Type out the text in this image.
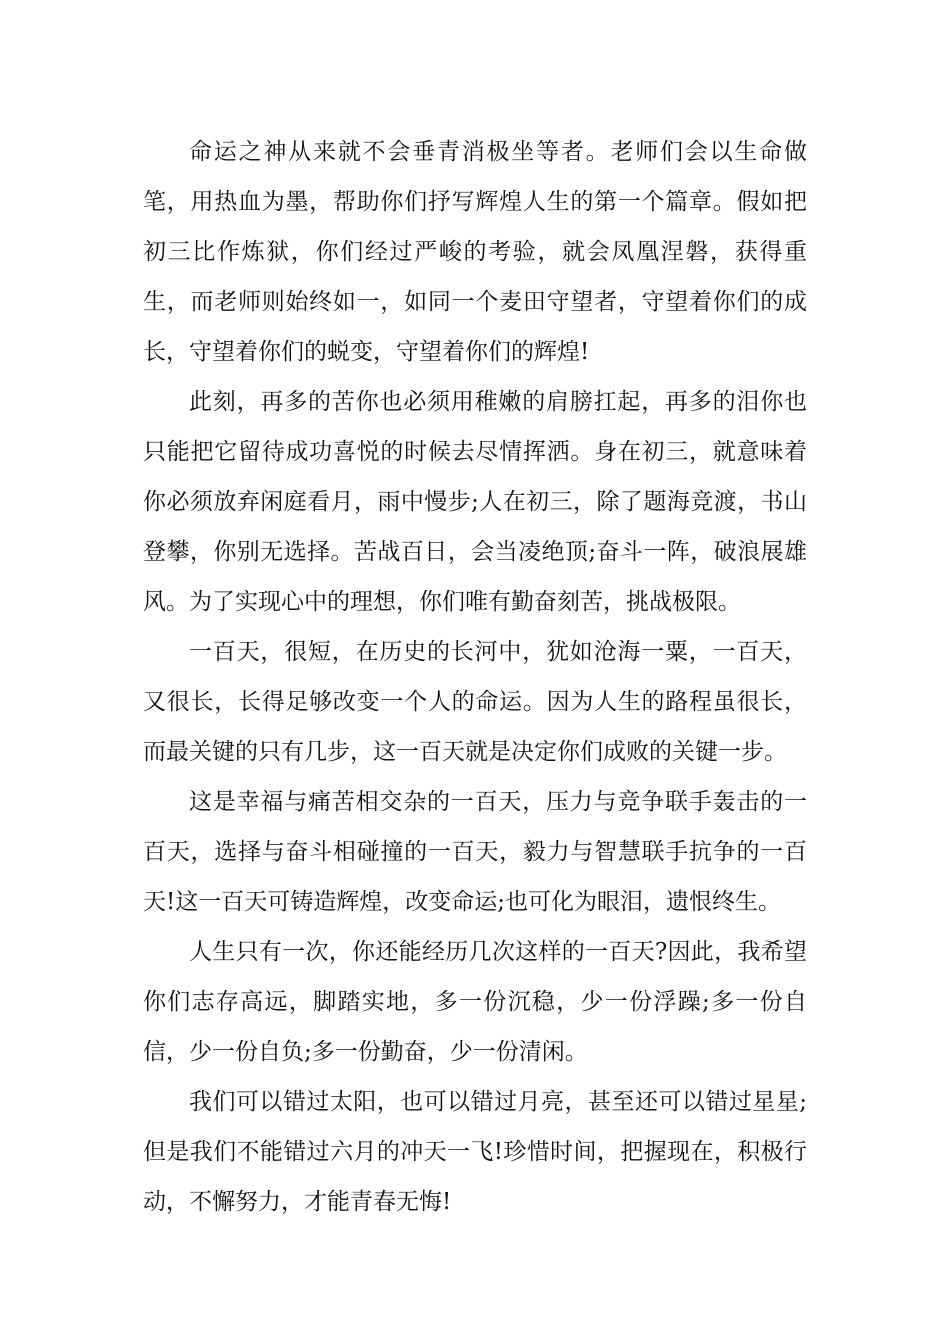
命运之神从来就不会垂青消极坐等者。老师们会以生命做笔，用热血为墨，帮助你们抒写辉煌人生的第一个篇章。假如把初三比作炼狱，你们经过严峻的考验，就会凤凰涅磐，获得重生，而老师则始终如一，如同一个麦田守望者，守望着你们的成长，守望着你们的蜕变，守望着你们的辉煌!

此刻，再多的苦你也必须用稚嫩的肩膀扛起，再多的泪你也只能把它留待成功喜悦的时候去尽情挥洒。身在初三，就意味着你必须放弃闲庭看月，雨中慢步;人在初三，除了题海竞渡，书山登攀，你别无选择。苦战百日，会当凌绝顶;奋斗一阵，破浪展雄风。为了实现心中的理想，你们唯有勤奋刻苦，挑战极限。

一百天，很短，在历史的长河中，犹如沧海一粟，一百天，又很长，长得足够改变一个人的命运。因为人生的路程虽很长，而最关键的只有几步，这一百天就是决定你们成败的关键一步。

这是幸福与痛苦相交杂的一百天，压力与竞争联手轰击的一百天，选择与奋斗相碰撞的一百天，毅力与智慧联手抗争的一百天!这一百天可铸造辉煌，改变命运;也可化为眼泪，遗恨终生。

人生只有一次，你还能经历几次这样的一百天?因此，我希望你们志存高远，脚踏实地，多一份沉稳，少一份浮躁;多一份自信，少一份自负;多一份勤奋，少一份清闲。

我们可以错过太阳，也可以错过月亮，甚至还可以错过星星;但是我们不能错过六月的冲天一飞!珍惜时间，把握现在，积极行动，不懈努力，才能青春无悔!
